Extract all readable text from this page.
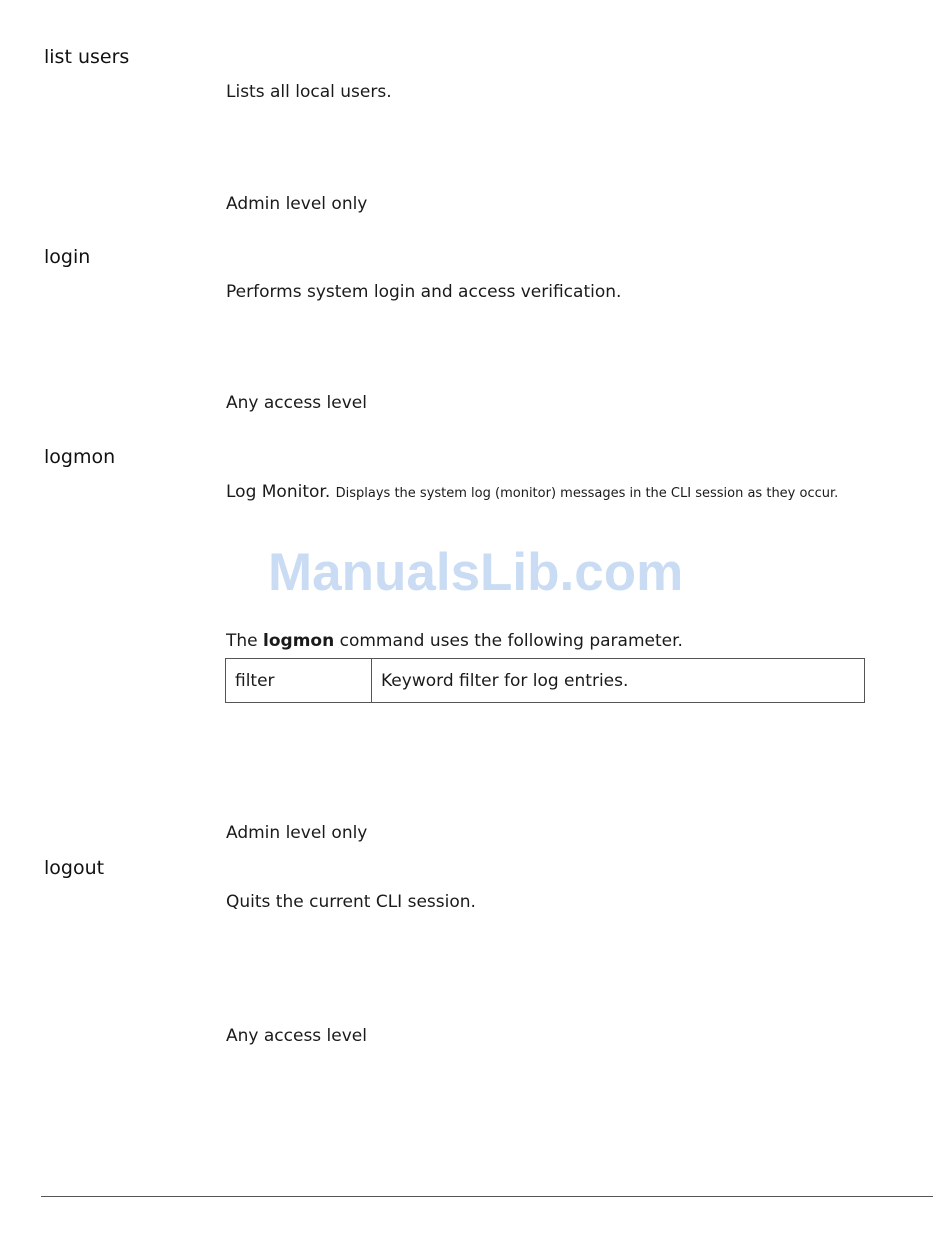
list users

Lists all local users.

Admin level only

login

Performs system login and access verification.

Any access level

logmon

Log Monitor. Displays the system log (monitor) messages in the CLI session as they occur.

ManualsLib.com

The logmon command uses the following parameter.

filter	Keyword filter for log entries.

Admin level only

logout

Quits the current CLI session.

Any access level
